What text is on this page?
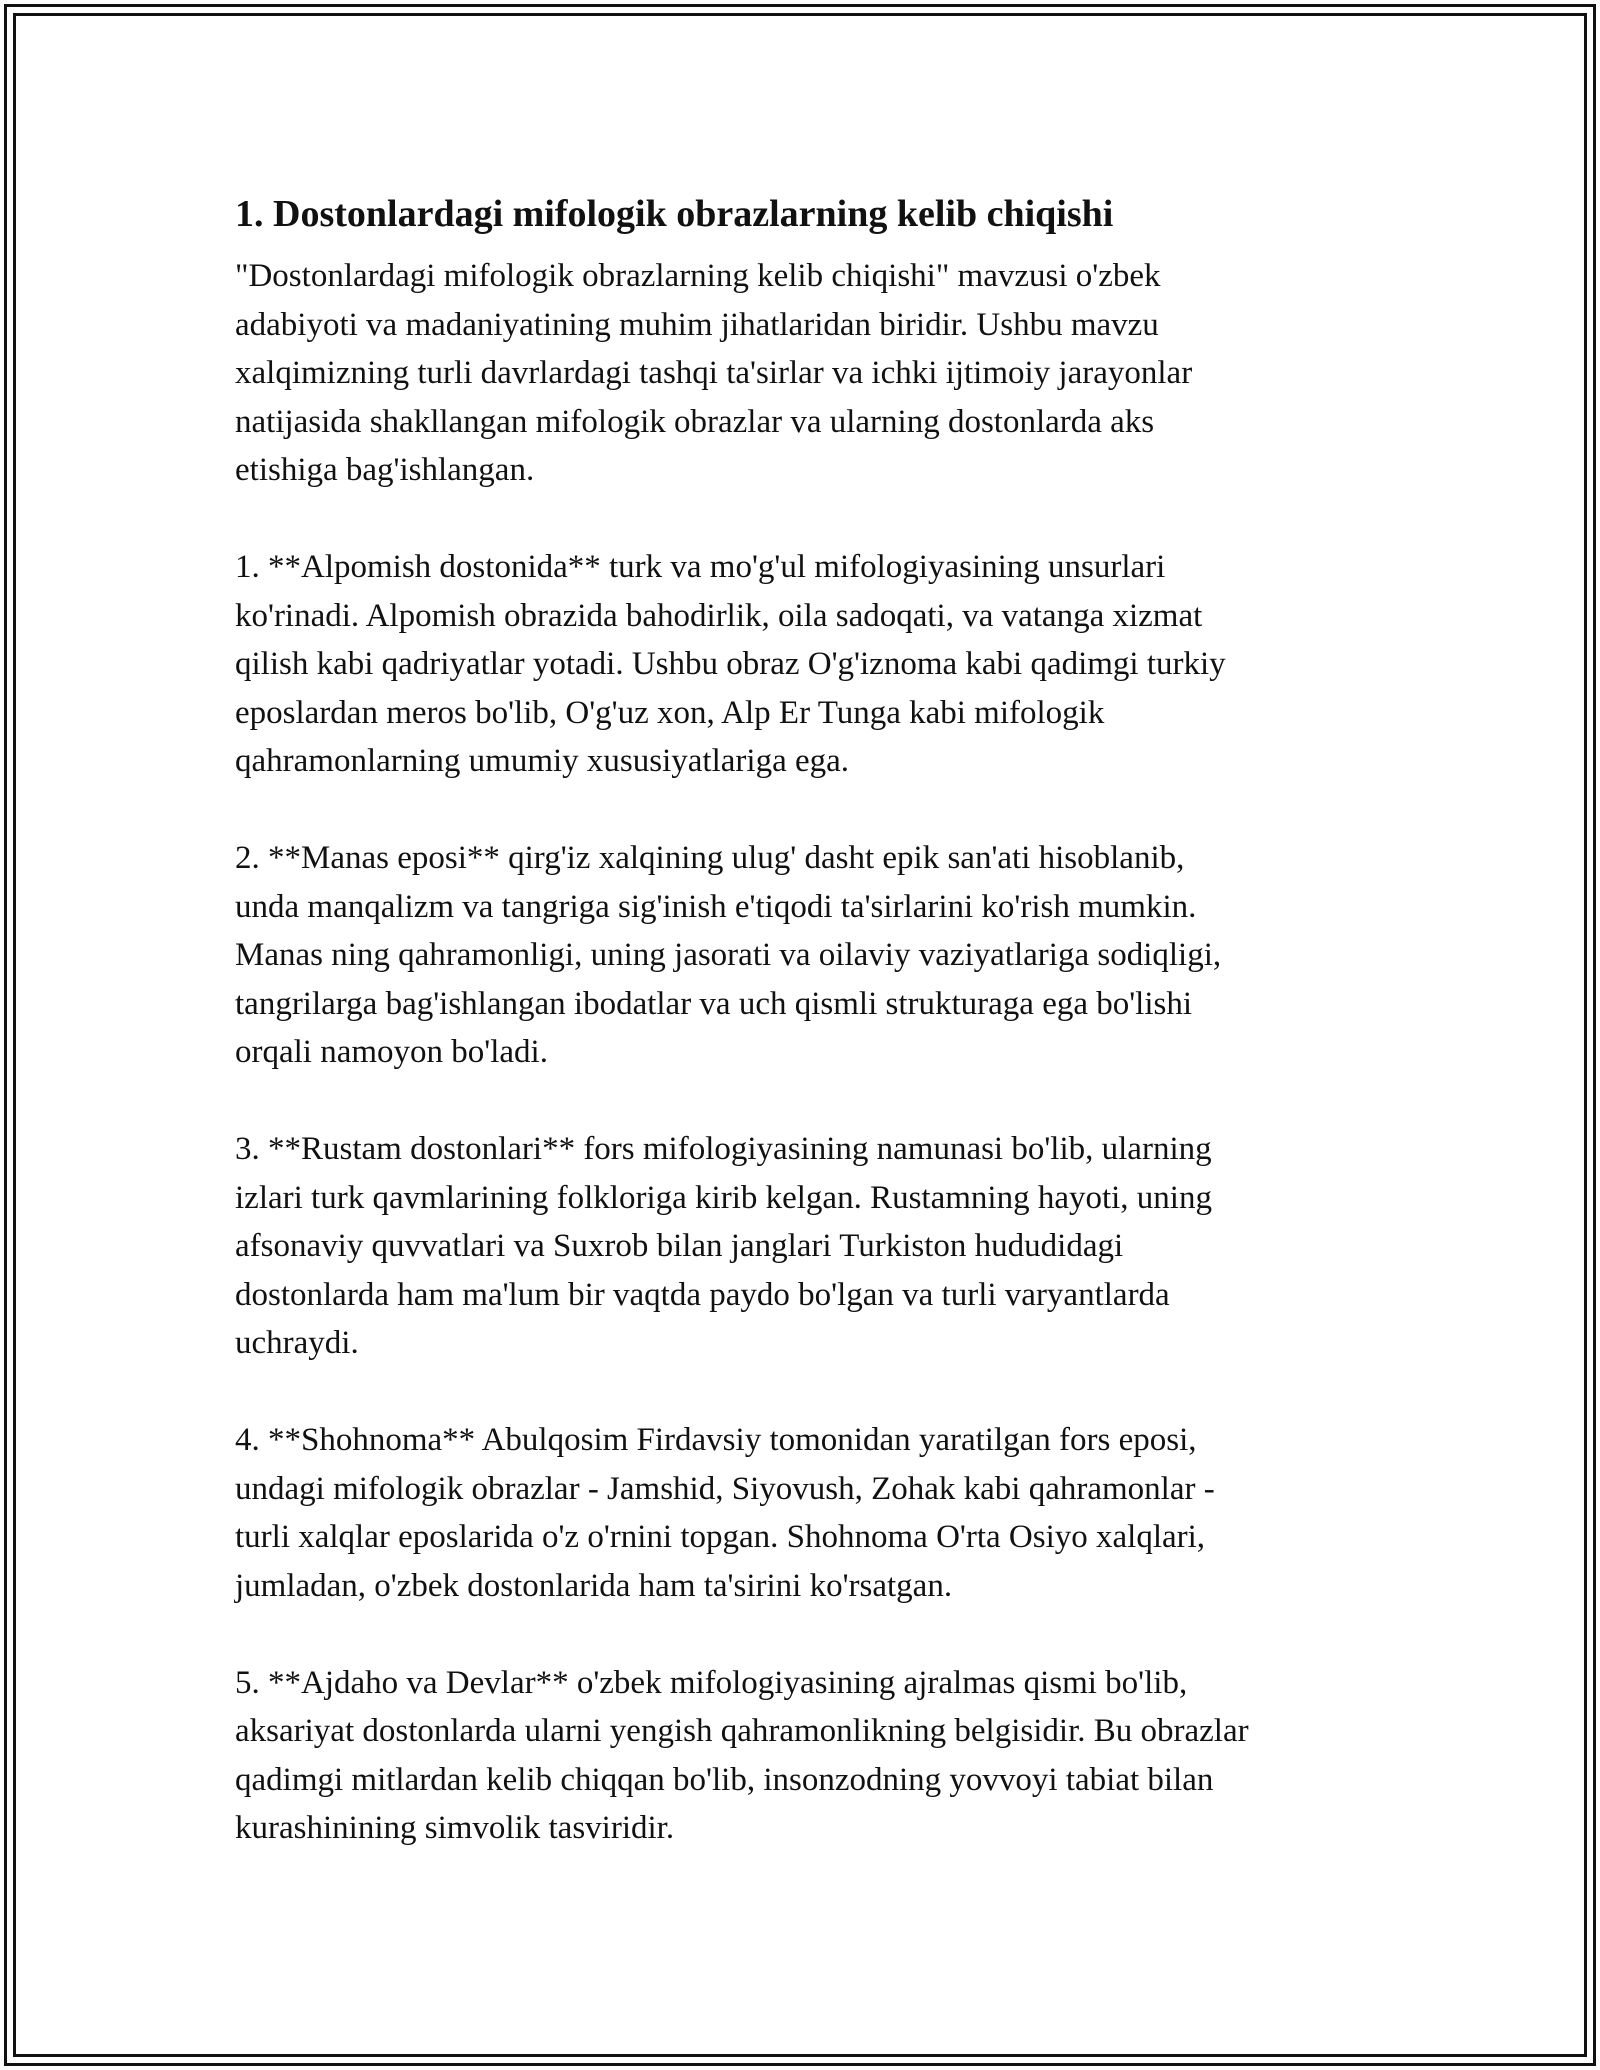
1. Dostonlardagi mifologik obrazlarning kelib chiqishi

"Dostonlardagi mifologik obrazlarning kelib chiqishi" mavzusi o'zbek
adabiyoti va madaniyatining muhim jihatlaridan biridir. Ushbu mavzu
xalqimizning turli davrlardagi tashqi ta'sirlar va ichki ijtimoiy jarayonlar
natijasida shakllangan mifologik obrazlar va ularning dostonlarda aks
etishiga bag'ishlangan.

1. **Alpomish dostonida** turk va mo'g'ul mifologiyasining unsurlari
ko'rinadi. Alpomish obrazida bahodirlik, oila sadoqati, va vatanga xizmat
qilish kabi qadriyatlar yotadi. Ushbu obraz O'g'iznoma kabi qadimgi turkiy
eposlardan meros bo'lib, O'g'uz xon, Alp Er Tunga kabi mifologik
qahramonlarning umumiy xususiyatlariga ega.

2. **Manas eposi** qirg'iz xalqining ulug' dasht epik san'ati hisoblanib,
unda manqalizm va tangriga sig'inish e'tiqodi ta'sirlarini ko'rish mumkin.
Manas ning qahramonligi, uning jasorati va oilaviy vaziyatlariga sodiqligi,
tangrilarga bag'ishlangan ibodatlar va uch qismli strukturaga ega bo'lishi
orqali namoyon bo'ladi.

3. **Rustam dostonlari** fors mifologiyasining namunasi bo'lib, ularning
izlari turk qavmlarining folkloriga kirib kelgan. Rustamning hayoti, uning
afsonaviy quvvatlari va Suxrob bilan janglari Turkiston hududidagi
dostonlarda ham ma'lum bir vaqtda paydo bo'lgan va turli varyantlarda
uchraydi.

4. **Shohnoma** Abulqosim Firdavsiy tomonidan yaratilgan fors eposi,
undagi mifologik obrazlar - Jamshid, Siyovush, Zohak kabi qahramonlar -
turli xalqlar eposlarida o'z o'rnini topgan. Shohnoma O'rta Osiyo xalqlari,
jumladan, o'zbek dostonlarida ham ta'sirini ko'rsatgan.

5. **Ajdaho va Devlar** o'zbek mifologiyasining ajralmas qismi bo'lib,
aksariyat dostonlarda ularni yengish qahramonlikning belgisidir. Bu obrazlar
qadimgi mitlardan kelib chiqqan bo'lib, insonzodning yovvoyi tabiat bilan
kurashinining simvolik tasviridir.
